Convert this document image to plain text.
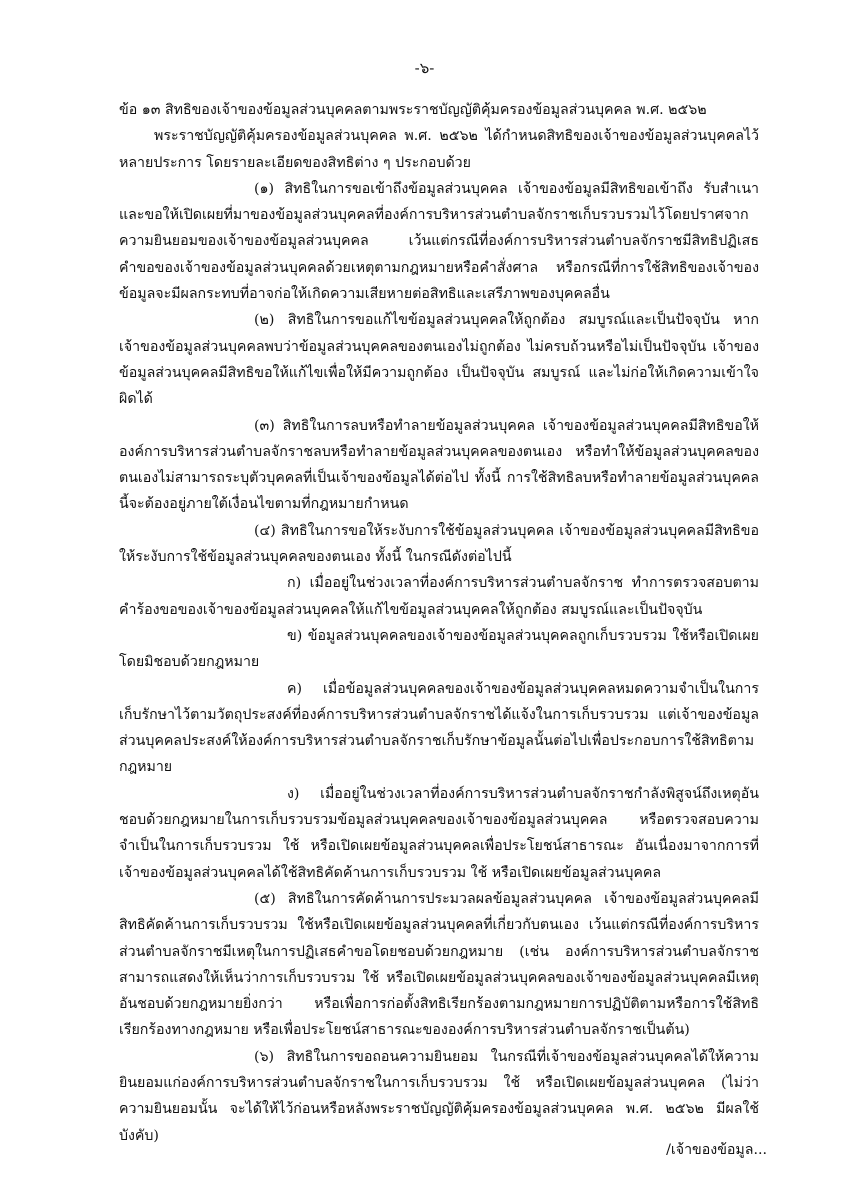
-๖-
ข้อ ๑๓ สิทธิของเจ้าของข้อมูลส่วนบุคคลตามพระราชบัญญัติคุ้มครองข้อมูลส่วนบุคคล พ.ศ. ๒๕๖๒

พระราชบัญญัติคุ้มครองข้อมูลส่วนบุคคล พ.ศ. ๒๕๖๒ ได้กำหนดสิทธิของเจ้าของข้อมูลส่วนบุคคลไว้หลายประการ โดยรายละเอียดของสิทธิต่าง ๆ ประกอบด้วย

(๑) สิทธิในการขอเข้าถึงข้อมูลส่วนบุคคล เจ้าของข้อมูลมีสิทธิขอเข้าถึง รับสำเนาและขอให้เปิดเผยที่มาของข้อมูลส่วนบุคคลที่องค์การบริหารส่วนตำบลจักราชเก็บรวบรวมไว้โดยปราศจากความยินยอมของเจ้าของข้อมูลส่วนบุคคล เว้นแต่กรณีที่องค์การบริหารส่วนตำบลจักราชมีสิทธิปฏิเสธคำขอของเจ้าของข้อมูลส่วนบุคคลด้วยเหตุตามกฎหมายหรือคำสั่งศาล หรือกรณีที่การใช้สิทธิของเจ้าของข้อมูลจะมีผลกระทบที่อาจก่อให้เกิดความเสียหายต่อสิทธิและเสรีภาพของบุคคลอื่น

(๒) สิทธิในการขอแก้ไขข้อมูลส่วนบุคคลให้ถูกต้อง สมบูรณ์และเป็นปัจจุบัน หากเจ้าของข้อมูลส่วนบุคคลพบว่าข้อมูลส่วนบุคคลของตนเองไม่ถูกต้อง ไม่ครบถ้วนหรือไม่เป็นปัจจุบัน เจ้าของข้อมูลส่วนบุคคลมีสิทธิขอให้แก้ไขเพื่อให้มีความถูกต้อง เป็นปัจจุบัน สมบูรณ์ และไม่ก่อให้เกิดความเข้าใจผิดได้

(๓) สิทธิในการลบหรือทำลายข้อมูลส่วนบุคคล เจ้าของข้อมูลส่วนบุคคลมีสิทธิขอให้องค์การบริหารส่วนตำบลจักราชลบหรือทำลายข้อมูลส่วนบุคคลของตนเอง หรือทำให้ข้อมูลส่วนบุคคลของตนเองไม่สามารถระบุตัวบุคคลที่เป็นเจ้าของข้อมูลได้ต่อไป ทั้งนี้ การใช้สิทธิลบหรือทำลายข้อมูลส่วนบุคคลนี้จะต้องอยู่ภายใต้เงื่อนไขตามที่กฎหมายกำหนด

(๔) สิทธิในการขอให้ระงับการใช้ข้อมูลส่วนบุคคล เจ้าของข้อมูลส่วนบุคคลมีสิทธิขอให้ระงับการใช้ข้อมูลส่วนบุคคลของตนเอง ทั้งนี้ ในกรณีดังต่อไปนี้

ก) เมื่ออยู่ในช่วงเวลาที่องค์การบริหารส่วนตำบลจักราช ทำการตรวจสอบตามคำร้องขอของเจ้าของข้อมูลส่วนบุคคลให้แก้ไขข้อมูลส่วนบุคคลให้ถูกต้อง สมบูรณ์และเป็นปัจจุบัน

ข) ข้อมูลส่วนบุคคลของเจ้าของข้อมูลส่วนบุคคลถูกเก็บรวบรวม ใช้หรือเปิดเผยโดยมิชอบด้วยกฎหมาย

ค) เมื่อข้อมูลส่วนบุคคลของเจ้าของข้อมูลส่วนบุคคลหมดความจำเป็นในการเก็บรักษาไว้ตามวัตถุประสงค์ที่องค์การบริหารส่วนตำบลจักราชได้แจ้งในการเก็บรวบรวม แต่เจ้าของข้อมูลส่วนบุคคลประสงค์ให้องค์การบริหารส่วนตำบลจักราชเก็บรักษาข้อมูลนั้นต่อไปเพื่อประกอบการใช้สิทธิตามกฎหมาย

ง) เมื่ออยู่ในช่วงเวลาที่องค์การบริหารส่วนตำบลจักราชกำลังพิสูจน์ถึงเหตุอันชอบด้วยกฎหมายในการเก็บรวบรวมข้อมูลส่วนบุคคลของเจ้าของข้อมูลส่วนบุคคล หรือตรวจสอบความจำเป็นในการเก็บรวบรวม ใช้ หรือเปิดเผยข้อมูลส่วนบุคคลเพื่อประโยชน์สาธารณะ อันเนื่องมาจากการที่เจ้าของข้อมูลส่วนบุคคลได้ใช้สิทธิคัดค้านการเก็บรวบรวม ใช้ หรือเปิดเผยข้อมูลส่วนบุคคล

(๕) สิทธิในการคัดค้านการประมวลผลข้อมูลส่วนบุคคล เจ้าของข้อมูลส่วนบุคคลมีสิทธิคัดค้านการเก็บรวบรวม ใช้หรือเปิดเผยข้อมูลส่วนบุคคลที่เกี่ยวกับตนเอง เว้นแต่กรณีที่องค์การบริหารส่วนตำบลจักราชมีเหตุในการปฏิเสธคำขอโดยชอบด้วยกฎหมาย (เช่น องค์การบริหารส่วนตำบลจักราชสามารถแสดงให้เห็นว่าการเก็บรวบรวม ใช้ หรือเปิดเผยข้อมูลส่วนบุคคลของเจ้าของข้อมูลส่วนบุคคลมีเหตุอันชอบด้วยกฎหมายยิ่งกว่า หรือเพื่อการก่อตั้งสิทธิเรียกร้องตามกฎหมายการปฏิบัติตามหรือการใช้สิทธิเรียกร้องทางกฎหมาย หรือเพื่อประโยชน์สาธารณะขององค์การบริหารส่วนตำบลจักราชเป็นต้น)

(๖) สิทธิในการขอถอนความยินยอม ในกรณีที่เจ้าของข้อมูลส่วนบุคคลได้ให้ความยินยอมแก่องค์การบริหารส่วนตำบลจักราชในการเก็บรวบรวม ใช้ หรือเปิดเผยข้อมูลส่วนบุคคล (ไม่ว่าความยินยอมนั้น จะได้ให้ไว้ก่อนหรือหลังพระราชบัญญัติคุ้มครองข้อมูลส่วนบุคคล พ.ศ. ๒๕๖๒ มีผลใช้บังคับ)

/เจ้าของข้อมูล...
